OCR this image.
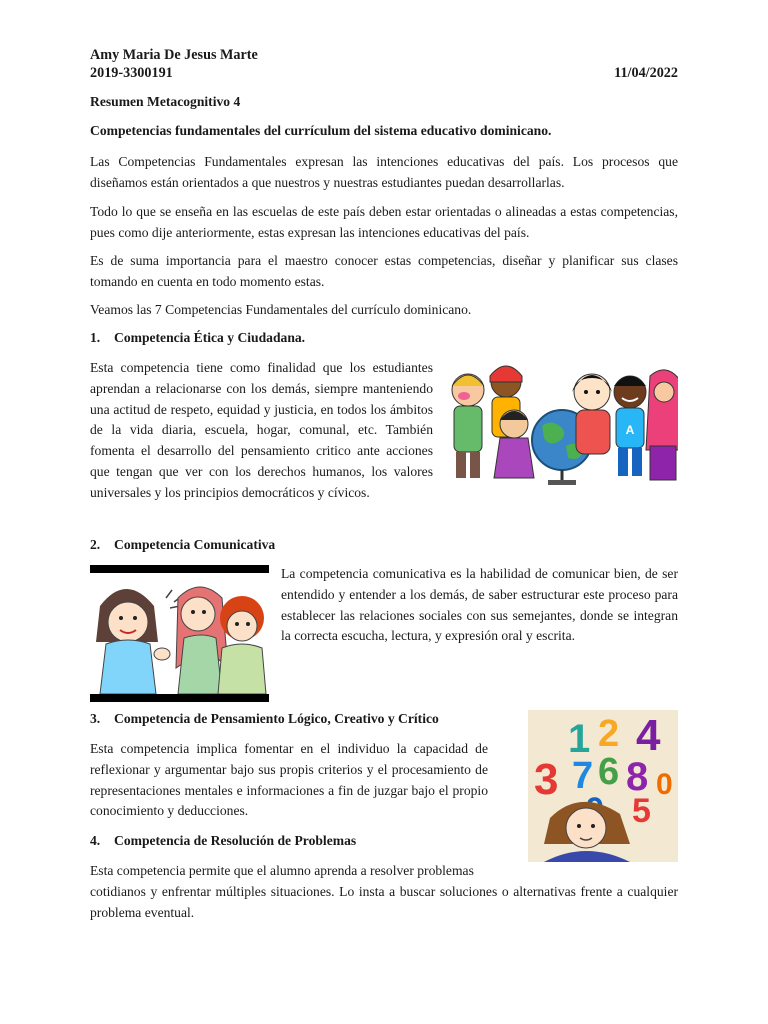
Amy Maria De Jesus Marte
2019-3300191	11/04/2022
Resumen Metacognitivo 4
Competencias fundamentales del currículum del sistema educativo dominicano.

Las Competencias Fundamentales expresan las intenciones educativas del país. Los procesos que diseñamos están orientados a que nuestros y nuestras estudiantes puedan desarrollarlas.

Todo lo que se enseña en las escuelas de este país deben estar orientadas o alineadas a estas competencias, pues como dije anteriormente, estas expresan las intenciones educativas del país.

Es de suma importancia para el maestro conocer estas competencias, diseñar y planificar sus clases tomando en cuenta en todo momento estas.

Veamos las 7 Competencias Fundamentales del currículo dominicano.

1. Competencia Ética y Ciudadana.

Esta competencia tiene como finalidad que los estudiantes aprendan a relacionarse con los demás, siempre manteniendo una actitud de respeto, equidad y justicia, en todos los ámbitos de la vida diaria, escuela, hogar, comunal, etc. También fomenta el desarrollo del pensamiento critico ante acciones que tengan que ver con los derechos humanos, los valores universales y los principios democráticos y cívicos.

A
2. Competencia Comunicativa

La competencia comunicativa es la habilidad de comunicar bien, de ser entendido y entender a los demás, de saber estructurar este proceso para establecer las relaciones sociales con sus semejantes, donde se integran la correcta escucha, lectura, y expresión oral y escrita.

3. Competencia de Pensamiento Lógico, Creativo y Crítico

Esta competencia implica fomentar en el individuo la capacidad de reflexionar y argumentar bajo sus propis criterios y el procesamiento de representaciones mentales e informaciones a fin de juzgar bajo el propio conocimiento y deducciones.

1 2 4
3 7 6 8
5
0
4. Competencia de Resolución de Problemas

Esta competencia permite que el alumno aprenda a resolver problemas

cotidianos y enfrentar múltiples situaciones. Lo insta a buscar soluciones o alternativas frente a cualquier problema eventual.
